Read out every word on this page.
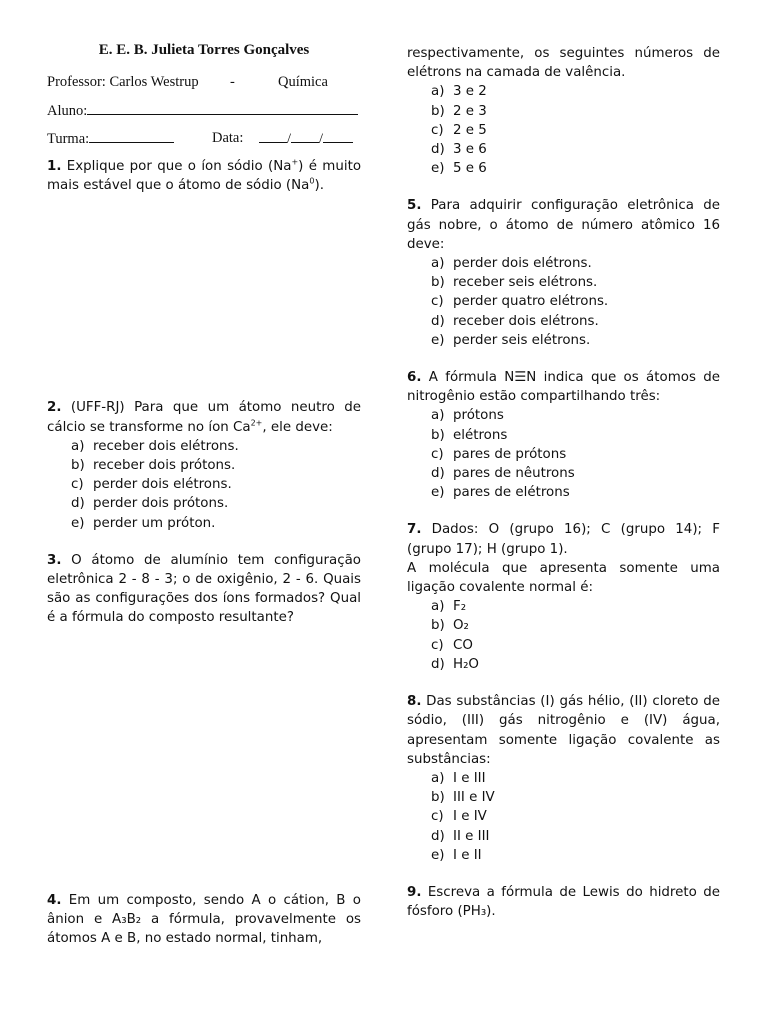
E. E. B. Julieta Torres Gonçalves
Professor: Carlos Westrup -	Química
Aluno:
Turma:	Data:	/ /

1. Explique por que o íon sódio (Na+) é muito mais estável que o átomo de sódio (Na$^0$).

2. (UFF-RJ) Para que um átomo neutro de cálcio se transforme no íon $Ca^{2+}$, ele deve:

a) receber dois elétrons.
b) receber dois prótons.
c) perder dois elétrons.
d) perder dois prótons.
e) perder um próton.

3. O átomo de alumínio tem configuração eletrônica 2 - 8 - 3; o de oxigênio, 2 - 6. Quais são as configurações dos íons formados? Qual é a fórmula do composto resultante?

4. Em um composto, sendo A o cátion, B o ânion e A₃B₂ a fórmula, provavelmente os átomos A e B, no estado normal, tinham,

respectivamente, os seguintes números de elétrons na camada de valência.

a) 3 e 2
b) 2 e 3
c) 2 e 5
d) 3 e 6
e) 5 e 6

5. Para adquirir configuração eletrônica de gás nobre, o átomo de número atômico 16 deve:

a) perder dois elétrons.
b) receber seis elétrons.
c) perder quatro elétrons.
d) receber dois elétrons.
e) perder seis elétrons.

6. A fórmula N☰N indica que os átomos de nitrogênio estão compartilhando três:

a) prótons
b) elétrons
c) pares de prótons
d) pares de nêutrons
e) pares de elétrons

7. Dados: O (grupo 16); C (grupo 14); F (grupo 17); H (grupo 1).

A molécula que apresenta somente uma ligação covalente normal é:

a) F₂
b) O₂
c) CO
d) H₂O

8. Das substâncias (I) gás hélio, (II) cloreto de sódio, (III) gás nitrogênio e (IV) água, apresentam somente ligação covalente as substâncias:

a) I e III
b) III e IV
c) I e IV
d) II e III
e) I e II

9. Escreva a fórmula de Lewis do hidreto de fósforo (PH₃).
